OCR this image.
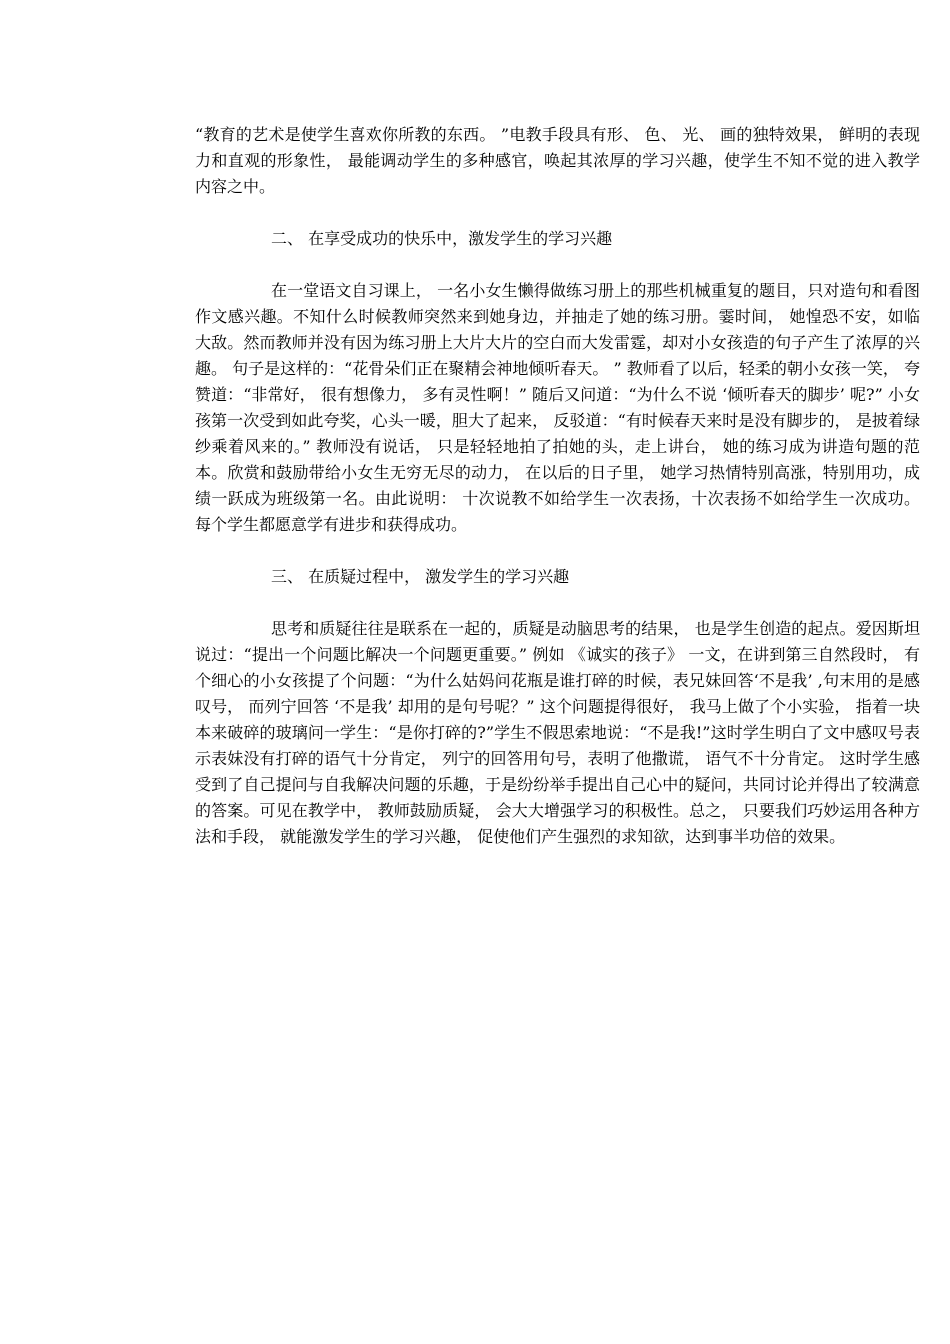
“教育的艺术是使学生喜欢你所教的东西。 ”电教手段具有形、 色、 光、 画的独特效果， 鲜明的表现力和直观的形象性， 最能调动学生的多种感官，唤起其浓厚的学习兴趣，使学生不知不觉的进入教学内容之中。

二、 在享受成功的快乐中，激发学生的学习兴趣

在一堂语文自习课上， 一名小女生懒得做练习册上的那些机械重复的题目，只对造句和看图作文感兴趣。不知什么时候教师突然来到她身边，并抽走了她的练习册。霎时间， 她惶恐不安，如临大敌。然而教师并没有因为练习册上大片大片的空白而大发雷霆，却对小女孩造的句子产生了浓厚的兴趣。 句子是这样的：“花骨朵们正在聚精会神地倾听春天。 ” 教师看了以后，轻柔的朝小女孩一笑， 夸赞道：“非常好， 很有想像力， 多有灵性啊！” 随后又问道：“为什么不说 ‘倾听春天的脚步’ 呢?” 小女孩第一次受到如此夸奖，心头一暖，胆大了起来， 反驳道：“有时候春天来时是没有脚步的， 是披着绿纱乘着风来的。” 教师没有说话， 只是轻轻地拍了拍她的头，走上讲台， 她的练习成为讲造句题的范本。欣赏和鼓励带给小女生无穷无尽的动力， 在以后的日子里， 她学习热情特别高涨，特别用功，成绩一跃成为班级第一名。由此说明： 十次说教不如给学生一次表扬，十次表扬不如给学生一次成功。每个学生都愿意学有进步和获得成功。

三、 在质疑过程中， 激发学生的学习兴趣

思考和质疑往往是联系在一起的，质疑是动脑思考的结果， 也是学生创造的起点。爱因斯坦说过：“提出一个问题比解决一个问题更重要。” 例如 《诚实的孩子》 一文，在讲到第三自然段时， 有个细心的小女孩提了个问题：“为什么姑妈问花瓶是谁打碎的时候，表兄妹回答‘不是我’ ,句末用的是感叹号， 而列宁回答 ‘不是我’ 却用的是句号呢？” 这个问题提得很好， 我马上做了个小实验， 指着一块本来破碎的玻璃问一学生：“是你打碎的?”学生不假思索地说：“不是我!”这时学生明白了文中感叹号表示表妹没有打碎的语气十分肯定， 列宁的回答用句号，表明了他撒谎， 语气不十分肯定。 这时学生感受到了自己提问与自我解决问题的乐趣，于是纷纷举手提出自己心中的疑问，共同讨论并得出了较满意的答案。可见在教学中， 教师鼓励质疑， 会大大增强学习的积极性。总之， 只要我们巧妙运用各种方法和手段， 就能激发学生的学习兴趣， 促使他们产生强烈的求知欲，达到事半功倍的效果。
